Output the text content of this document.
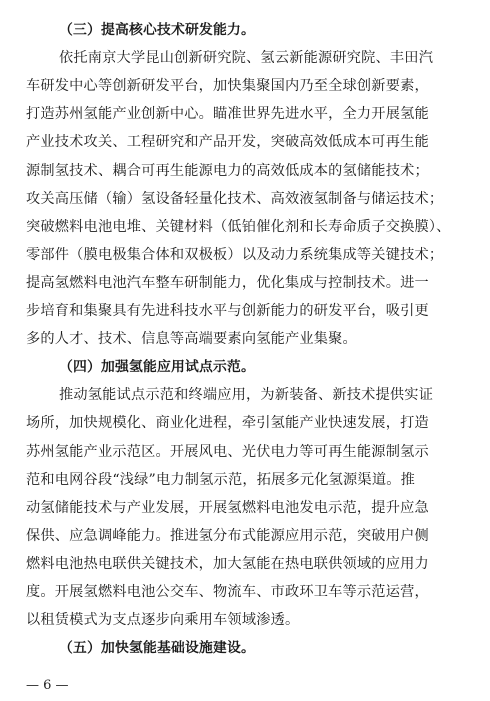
（三）提高核心技术研发能力。
依托南京大学昆山创新研究院、氢云新能源研究院、丰田汽
车研发中心等创新研发平台，加快集聚国内乃至全球创新要素，
打造苏州氢能产业创新中心。瞄准世界先进水平，全力开展氢能
产业技术攻关、工程研究和产品开发，突破高效低成本可再生能
源制氢技术、耦合可再生能源电力的高效低成本的氢储能技术；
攻关高压储（输）氢设备轻量化技术、高效液氢制备与储运技术；
突破燃料电池电堆、关键材料（低铂催化剂和长寿命质子交换膜）、
零部件（膜电极集合体和双极板）以及动力系统集成等关键技术；
提高氢燃料电池汽车整车研制能力，优化集成与控制技术。进一
步培育和集聚具有先进科技水平与创新能力的研发平台，吸引更
多的人才、技术、信息等高端要素向氢能产业集聚。
（四）加强氢能应用试点示范。
推动氢能试点示范和终端应用，为新装备、新技术提供实证
场所，加快规模化、商业化进程，牵引氢能产业快速发展，打造
苏州氢能产业示范区。开展风电、光伏电力等可再生能源制氢示
范和电网谷段“浅绿”电力制氢示范，拓展多元化氢源渠道。推
动氢储能技术与产业发展，开展氢燃料电池发电示范，提升应急
保供、应急调峰能力。推进氢分布式能源应用示范，突破用户侧
燃料电池热电联供关键技术，加大氢能在热电联供领域的应用力
度。开展氢燃料电池公交车、物流车、市政环卫车等示范运营，
以租赁模式为支点逐步向乘用车领域渗透。
（五）加快氢能基础设施建设。
— 6 —
